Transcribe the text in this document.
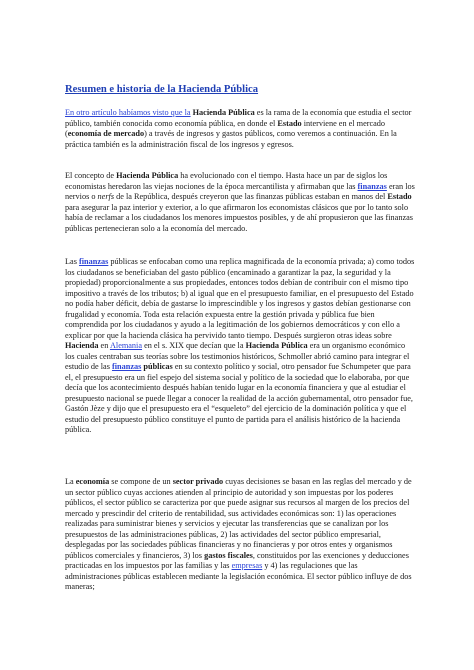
Resumen e historia de la Hacienda Pública

En otro artículo habíamos visto que la Hacienda Pública es la rama de la economía que estudia el sector público, también conocida como economía pública, en donde el Estado interviene en el mercado (economía de mercado) a través de ingresos y gastos públicos, como veremos a continuación. En la práctica también es la administración fiscal de los ingresos y egresos.

El concepto de Hacienda Pública ha evolucionado con el tiempo. Hasta hace un par de siglos los economistas heredaron las viejas nociones de la época mercantilista y afirmaban que las finanzas eran los nervios o nerfs de la República, después creyeron que las finanzas públicas estaban en manos del Estado para asegurar la paz interior y exterior, a lo que afirmaron los economistas clásicos que por lo tanto solo había de reclamar a los ciudadanos los menores impuestos posibles, y de ahí propusieron que las finanzas públicas pertenecieran solo a la economía del mercado.

Las finanzas públicas se enfocaban como una replica magnificada de la economía privada; a) como todos los ciudadanos se beneficiaban del gasto público (encaminado a garantizar la paz, la seguridad y la propiedad) proporcionalmente a sus propiedades, entonces todos debían de contribuir con el mismo tipo impositivo a través de los tributos; b) al igual que en el presupuesto familiar, en el presupuesto del Estado no podía haber déficit, debía de gastarse lo imprescindible y los ingresos y gastos debían gestionarse con frugalidad y economía. Toda esta relación expuesta entre la gestión privada y pública fue bien comprendida por los ciudadanos y ayudo a la legitimación de los gobiernos democráticos y con ello a explicar por que la hacienda clásica ha pervivido tanto tiempo. Después surgieron otras ideas sobre Hacienda en Alemania en el s. XIX que decían que la Hacienda Pública era un organismo económico los cuales centraban sus teorías sobre los testimonios históricos, Schmoller abrió camino para integrar el estudio de las finanzas públicas en su contexto político y social, otro pensador fue Schumpeter que para el, el presupuesto era un fiel espejo del sistema social y político de la sociedad que lo elaboraba, por que decía que los acontecimiento después habían tenido lugar en la economía financiera y que al estudiar el presupuesto nacional se puede llegar a conocer la realidad de la acción gubernamental, otro pensador fue, Gastón Jèze y dijo que el presupuesto era el “esqueleto” del ejercicio de la dominación política y que el estudio del presupuesto público constituye el punto de partida para el análisis histórico de la hacienda pública.

La economía se compone de un sector privado cuyas decisiones se basan en las reglas del mercado y de un sector público cuyas acciones atienden al principio de autoridad y son impuestas por los poderes públicos, el sector público se caracteriza por que puede asignar sus recursos al margen de los precios del mercado y prescindir del criterio de rentabilidad, sus actividades económicas son: 1) las operaciones realizadas para suministrar bienes y servicios y ejecutar las transferencias que se canalizan por los presupuestos de las administraciones públicas, 2) las actividades del sector público empresarial, desplegadas por las sociedades públicas financieras y no financieras y por otros entes y organismos públicos comerciales y financieros, 3) los gastos fiscales, constituidos por las exenciones y deducciones practicadas en los impuestos por las familias y las empresas y 4) las regulaciones que las administraciones públicas establecen mediante la legislación económica. El sector público influye de dos maneras;
